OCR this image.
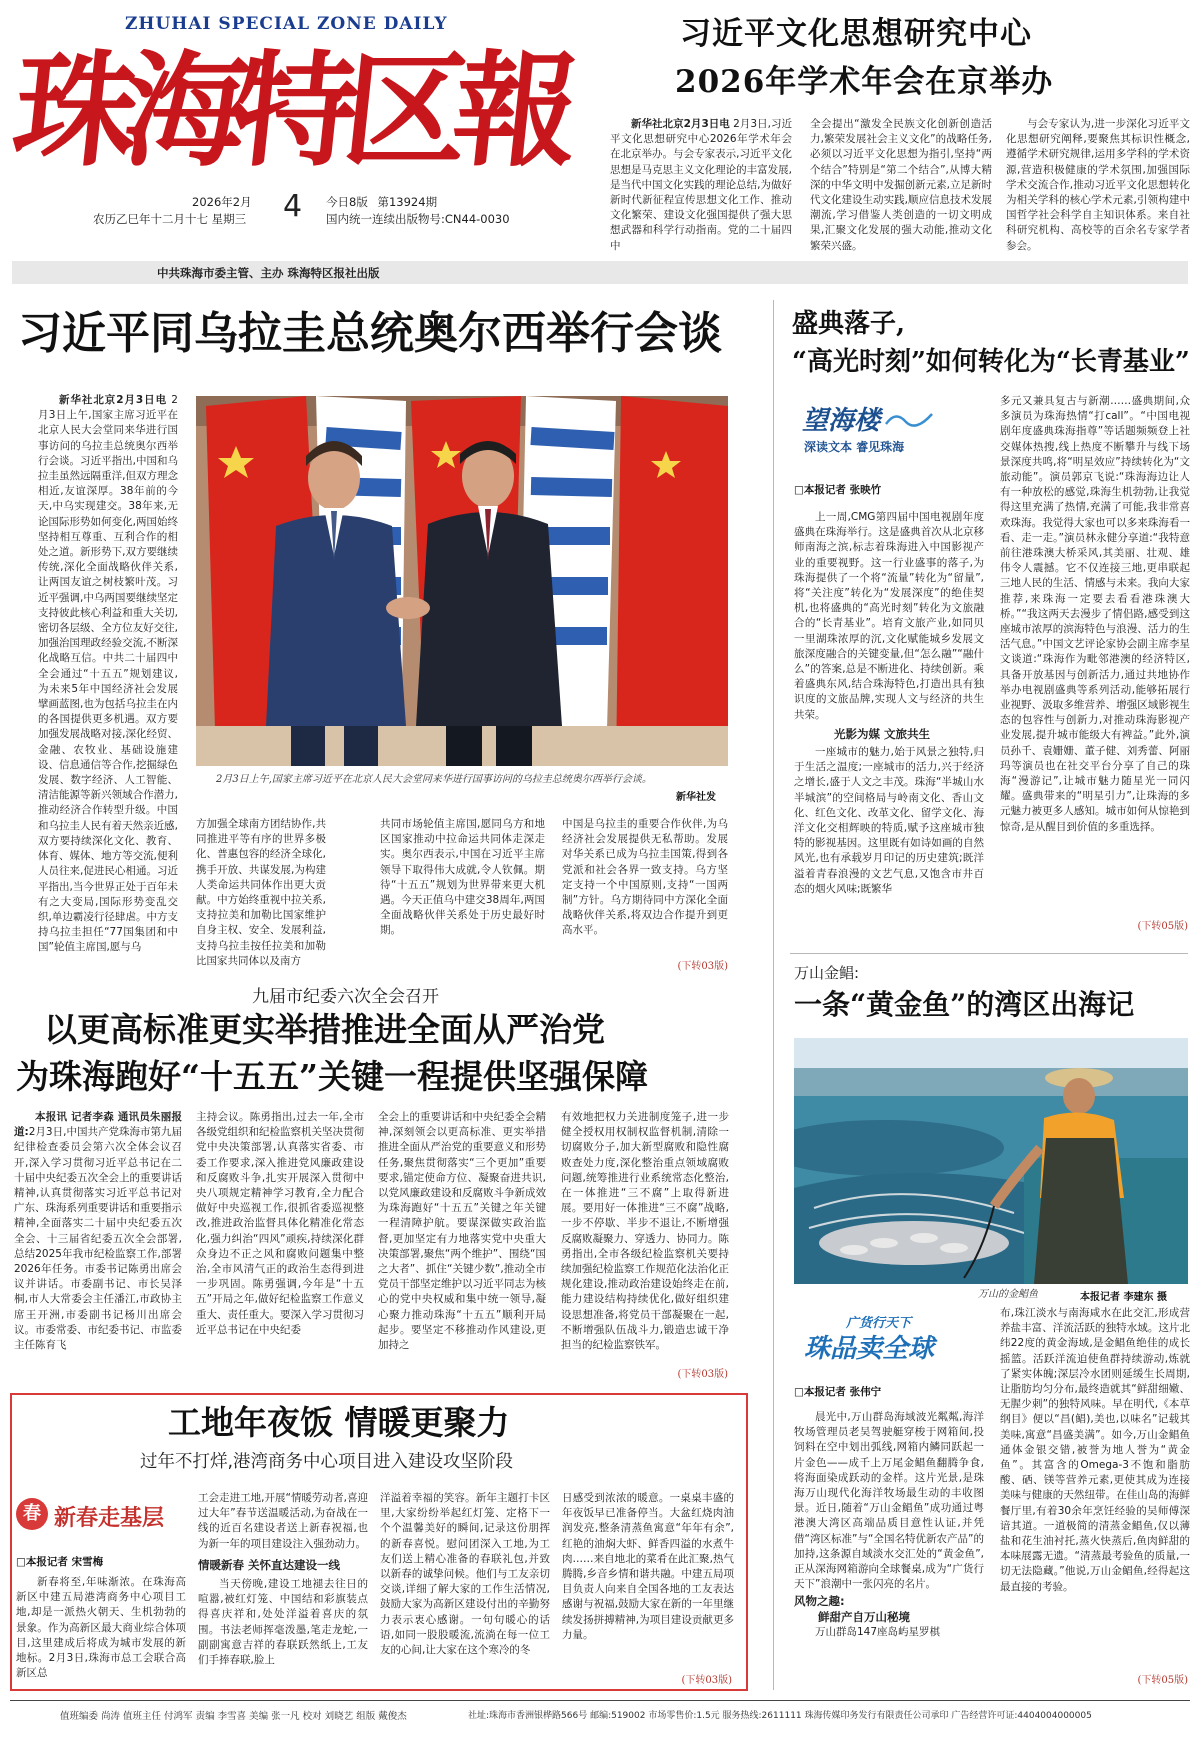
ZHUHAI SPECIAL ZONE DAILY
珠海特区報
2026年2月
农历乙巳年十二月十七 星期三 4 今日8版 第13924期
国内统一连续出版物号:CN44-0030
中共珠海市委主管、主办 珠海特区报社出版
习近平文化思想研究中心
2026年学术年会在京举办

新华社北京2月3日电 2月3日,习近平文化思想研究中心2026年学术年会在北京举办。与会专家表示,习近平文化思想是马克思主义文化理论的丰富发展,是当代中国文化实践的理论总结,为做好新时代新征程宣传思想文化工作、推动文化繁荣、建设文化强国提供了强大思想武器和科学行动指南。党的二十届四中

全会提出“激发全民族文化创新创造活力,繁荣发展社会主义文化”的战略任务,必须以习近平文化思想为指引,坚持“两个结合”特别是“第二个结合”,从博大精深的中华文明中发掘创新元素,立足新时代文化建设生动实践,顺应信息技术发展潮流,学习借鉴人类创造的一切文明成果,汇聚文化发展的强大动能,推动文化繁荣兴盛。

与会专家认为,进一步深化习近平文化思想研究阐释,要聚焦其标识性概念,遵循学术研究规律,运用多学科的学术资源,营造积极健康的学术氛围,加强国际学术交流合作,推动习近平文化思想转化为相关学科的核心学术元素,引领构建中国哲学社会科学自主知识体系。来自社科研究机构、高校等的百余名专家学者参会。

习近平同乌拉圭总统奥尔西举行会谈

新华社北京2月3日电 2月3日上午,国家主席习近平在北京人民大会堂同来华进行国事访问的乌拉圭总统奥尔西举行会谈。习近平指出,中国和乌拉圭虽然远隔重洋,但双方理念相近,友谊深厚。38年前的今天,中乌实现建交。38年来,无论国际形势如何变化,两国始终坚持相互尊重、互利合作的相处之道。新形势下,双方要继续传统,深化全面战略伙伴关系,让两国友谊之树枝繁叶茂。习近平强调,中乌两国要继续坚定支持彼此核心利益和重大关切,密切各层级、全方位友好交往,加强治国理政经验交流,不断深化战略互信。中共二十届四中全会通过“十五五”规划建议,为未来5年中国经济社会发展擘画蓝图,也为包括乌拉圭在内的各国提供更多机遇。双方要加强发展战略对接,深化经贸、金融、农牧业、基础设施建设、信息通信等合作,挖掘绿色发展、数字经济、人工智能、清洁能源等新兴领域合作潜力,推动经济合作转型升级。中国和乌拉圭人民有着天然亲近感,双方要持续深化文化、教育、体育、媒体、地方等交流,便利人员往来,促进民心相通。习近平指出,当今世界正处于百年未有之大变局,国际形势变乱交织,单边霸凌行径肆虐。中方支持乌拉圭担任“77国集团和中国”轮值主席国,愿与乌

2月3日上午,国家主席习近平在北京人民大会堂同来华进行国事访问的乌拉圭总统奥尔西举行会谈。
新华社发

方加强全球南方团结协作,共同推进平等有序的世界多极化、普惠包容的经济全球化,携手开放、共谋发展,为构建人类命运共同体作出更大贡献。中方始终重视中拉关系,支持拉美和加勒比国家维护自身主权、安全、发展利益,支持乌拉圭按任拉美和加勒比国家共同体以及南方

共同市场轮值主席国,愿同乌方和地区国家推动中拉命运共同体走深走实。奥尔西表示,中国在习近平主席领导下取得伟大成就,令人钦佩。期待“十五五”规划为世界带来更大机遇。今天正值乌中建交38周年,两国全面战略伙伴关系处于历史最好时期。

中国是乌拉圭的重要合作伙伴,为乌经济社会发展提供无私帮助。发展对华关系已成为乌拉圭国策,得到各党派和社会各界一致支持。乌方坚定支持一个中国原则,支持“一国两制”方针。乌方期待同中方深化全面战略伙伴关系,将双边合作提升到更高水平。

(下转03版)
九届市纪委六次全会召开
以更高标准更实举措推进全面从严治党
为珠海跑好“十五五”关键一程提供坚强保障

本报讯 记者李森 通讯员朱丽报道:2月3日,中国共产党珠海市第九届纪律检查委员会第六次全体会议召开,深入学习贯彻习近平总书记在二十届中央纪委五次全会上的重要讲话精神,认真贯彻落实习近平总书记对广东、珠海系列重要讲话和重要指示精神,全面落实二十届中央纪委五次全会、十三届省纪委五次全会部署,总结2025年我市纪检监察工作,部署2026年任务。市委书记陈勇出席会议并讲话。市委副书记、市长吴泽桐,市人大常委会主任潘江,市政协主席王开洲,市委副书记杨川出席会议。市委常委、市纪委书记、市监委主任陈育飞

主持会议。陈勇指出,过去一年,全市各级党组织和纪检监察机关坚决贯彻党中央决策部署,认真落实省委、市委工作要求,深入推进党风廉政建设和反腐败斗争,扎实开展深入贯彻中央八项规定精神学习教育,全力配合做好中央巡视工作,很抓省委巡视整改,推进政治监督具体化精准化常态化,强力纠治“四风”顽疾,持续深化群众身边不正之风和腐败问题集中整治,全市风清气正的政治生态得到进一步巩固。陈勇强调,今年是“十五五”开局之年,做好纪检监察工作意义重大、责任重大。要深入学习贯彻习近平总书记在中央纪委

全会上的重要讲话和中央纪委全会精神,深刻领会以更高标准、更实举措推进全面从严治党的重要意义和形势任务,聚焦贯彻落实“三个更加”重要要求,锚定使命方位、凝聚奋进共识,以党风廉政建设和反腐败斗争新成效为珠海跑好“十五五”关键之年关键一程清障护航。要谋深做实政治监督,更加坚定有力地落实党中央重大决策部署,聚焦“两个维护”、围绕“国之大者”、抓住“关键少数”,推动全市党员干部坚定维护以习近平同志为核心的党中央权威和集中统一领导,凝心聚力推动珠海“十五五”顺利开局起步。要坚定不移推动作风建设,更加持之

有效地把权力关进制度笼子,进一步健全授权用权制权监督机制,清除一切腐败分子,加大新型腐败和隐性腐败查处力度,深化整治重点领域腐败问题,统筹推进行业系统常态化整治,在一体推进“三不腐”上取得新进展。要用好一体推进“三不腐”战略,一步不停歇、半步不退让,不断增强反腐败凝聚力、穿透力、协同力。陈勇指出,全市各级纪检监察机关要持续加强纪检监察工作规范化法治化正规化建设,推动政治建设始终走在前,能力建设结构持续优化,做好组织建设思想准备,将党员干部凝聚在一起,不断增强队伍战斗力,锻造忠诚干净担当的纪检监察铁军。

(下转03版)
工地年夜饭 情暖更聚力
过年不打烊,港湾商务中心项目进入建设攻坚阶段
春 新春走基层
□本报记者 宋雪梅

新春将至,年味渐浓。在珠海高新区中建五局港湾商务中心项目工地,却是一派热火朝天、生机勃勃的景象。作为高新区最大商业综合体项目,这里建成后将成为城市发展的新地标。2月3日,珠海市总工会联合高新区总

工会走进工地,开展“情暖劳动者,喜迎过大年”春节送温暖活动,为奋战在一线的近百名建设者送上新春祝福,也为新一年的项目建设注入强劲动力。

情暖新春 关怀直达建设一线

当天傍晚,建设工地褪去往日的喧嚣,被红灯笼、中国结和彩旗装点得喜庆祥和,处处洋溢着喜庆的氛围。书法老师挥毫泼墨,笔走龙蛇,一副副寓意吉祥的春联跃然纸上,工友们手捧春联,脸上

洋溢着幸福的笑容。新年主题打卡区里,大家纷纷举起红灯笼、定格下一个个温馨美好的瞬间,记录这份朋挥的新春喜悦。慰问团深入工地,为工友们送上精心准备的春联礼包,并致以新春的诚挚问候。他们与工友亲切交谈,详细了解大家的工作生活情况,鼓励大家为高新区建设付出的辛勤努力表示衷心感谢。一句句暖心的话语,如同一股股暖流,流淌在每一位工友的心间,让大家在这个寒冷的冬

日感受到浓浓的暖意。一桌桌丰盛的年夜饭早已准备停当。大盆红烧肉油润发亮,整条清蒸鱼寓意“年年有余”,红艳的油焖大虾、鲜香四溢的水煮牛肉……来自地北的菜肴在此汇聚,热气腾腾,乡音乡情和谐共融。中建五局项目负责人向来自全国各地的工友表达感谢与祝福,鼓励大家在新的一年里继续发扬拼搏精神,为项目建设贡献更多力量。

(下转03版)
盛典落子,
“高光时刻”如何转化为“长青基业”
望海楼
深读文本 睿见珠海
□本报记者 张映竹

上一周,CMG第四届中国电视剧年度盛典在珠海举行。这是盛典首次从北京移师南海之滨,标志着珠海进入中国影视产业的重要视野。这一行业盛事的落子,为珠海提供了一个将“流量”转化为“留量”,将“关注度”转化为“发展深度”的绝佳契机,也将盛典的“高光时刻”转化为文旅融合的“长青基业”。培育文旅产业,如同贝一里湖珠浓厚的沉,文化赋能城乡发展文旅深度融合的关键变量,但“怎么融”“融什么”的答案,总是不断进化、持续创新。乘着盛典东风,结合珠海特色,打造出具有独识度的文旅品牌,实现人文与经济的共生共荣。

光影为媒 文旅共生

一座城市的魅力,始于风景之独特,归于生活之温度;一座城市的活力,兴于经济之增长,盛于人文之丰茂。珠海“半城山水半城滨”的空间格局与岭南文化、香山文化、红色文化、改革文化、留学文化、海洋文化交相辉映的特质,赋予这座城市独特的影视基因。这里既有如诗如画的自然风光,也有承载岁月印记的历史建筑;既洋溢着青春浪漫的文艺气息,又饱含市井百态的烟火风味;既繁华

多元又兼具复古与新潮……盛典期间,众多演员为珠海热情“打call”。“中国电视剧年度盛典珠海指尊”等话题频频登上社交媒体热搜,线上热度不断攀升与线下场景深度共鸣,将“明星效应”持续转化为“文旅动能”。演员郭京飞说:“珠海海边让人有一种放松的感觉,珠海生机勃勃,让我觉得这里充满了热情,充满了可能,我非常喜欢珠海。我觉得大家也可以多来珠海看一看、走一走。”演员林永健分享道:“我特意前往港珠澳大桥采风,其美丽、壮观、雄伟令人震撼。它不仅连接三地,更串联起三地人民的生活、情感与未来。我向大家推荐,来珠海一定要去看看港珠澳大桥。”“我这两天去漫步了情侣路,感受到这座城市浓厚的滨海特色与浪漫、活力的生活气息。”中国文艺评论家协会副主席李星文谈道:“珠海作为毗邻港澳的经济特区,具备开放基因与创新活力,通过共地协作举办电视剧盛典等系列活动,能够拓展行业视野、汲取多维营养、增强区域影视生态的包容性与创新力,对推动珠海影视产业发展,提升城市能级大有裨益。”此外,演员孙千、袁姗姗、董子健、刘秀蕾、阿丽玛等演员也在社交平台分享了自己的珠海“漫游记”,让城市魅力随星光一同闪耀。盛典带来的“明星引力”,让珠海的多元魅力被更多人感知。城市如何从惊艳到惊奇,是从醒目到价值的多重选择。

(下转05版)
万山金鲳:
一条“黄金鱼”的湾区出海记
万山的金鲳鱼	本报记者 李建东 摄
广货行天下
珠品卖全球
□本报记者 张伟宁

晨光中,万山群岛海域波光粼粼,海洋牧场管理员老吴驾驶艇穿梭于网箱间,投饲料在空中划出弧线,网箱内鳞同跃起一片金色——成千上万尾金鲳鱼翻腾争食,将海面染成跃动的金样。这片光景,是珠海万山现代化海洋牧场最生动的丰收图景。近日,随着“万山金鲳鱼”成功通过粤港澳大湾区高端品质目意性认证,并凭借“湾区标准”与“全国名特优新农产品”的加持,这条源自域淡水交汇处的“黄金鱼”,正从深海网箱游向全球餐桌,成为“广货行天下”浪潮中一张闪亮的名片。

风物之趣:
鲜甜产自万山秘境

万山群岛147座岛屿星罗棋

布,珠江淡水与南海咸水在此交汇,形成营养盐丰富、洋流活跃的独特水域。这片北纬22度的黄金海域,是金鲳鱼绝佳的成长摇篮。活跃洋流迫使鱼群持续游动,炼就了紧实体魄;深层冷水团则延缓生长周期,让脂肪均匀分布,最终造就其“鲜甜细嫩、无腥少刺”的独特风味。早在明代,《本草纲目》便以“昌(鲳),美也,以味名”记载其美味,寓意“昌盛美满”。如今,万山金鲳鱼通体金银交错,被誉为地人誉为“黄金鱼”。其富含的Omega-3不饱和脂肪酸、硒、镁等营养元素,更使其成为连接美味与健康的天然纽带。在佳山岛的海鲜餐厅里,有着30余年烹饪经验的吴师傅深谙其道。一道极简的清蒸金鲳鱼,仅以薄盐和花生油衬托,蒸火快蒸后,鱼肉鲜甜的本味展露无遗。“清蒸最考验鱼的质量,一切无法隐藏。”他说,万山金鲳鱼,经得起这最直接的考验。

(下转05版)
值班编委 尚涛 值班主任 付鸿军 责编 李雪喜 美编 张一凡 校对 刘晓艺 组版 戴俊杰	社址:珠海市香洲银桦路566号 邮编:519002 市场零售价:1.5元 服务热线:2611111 珠海传媒印务发行有限责任公司承印 广告经营许可证:4404004000005
